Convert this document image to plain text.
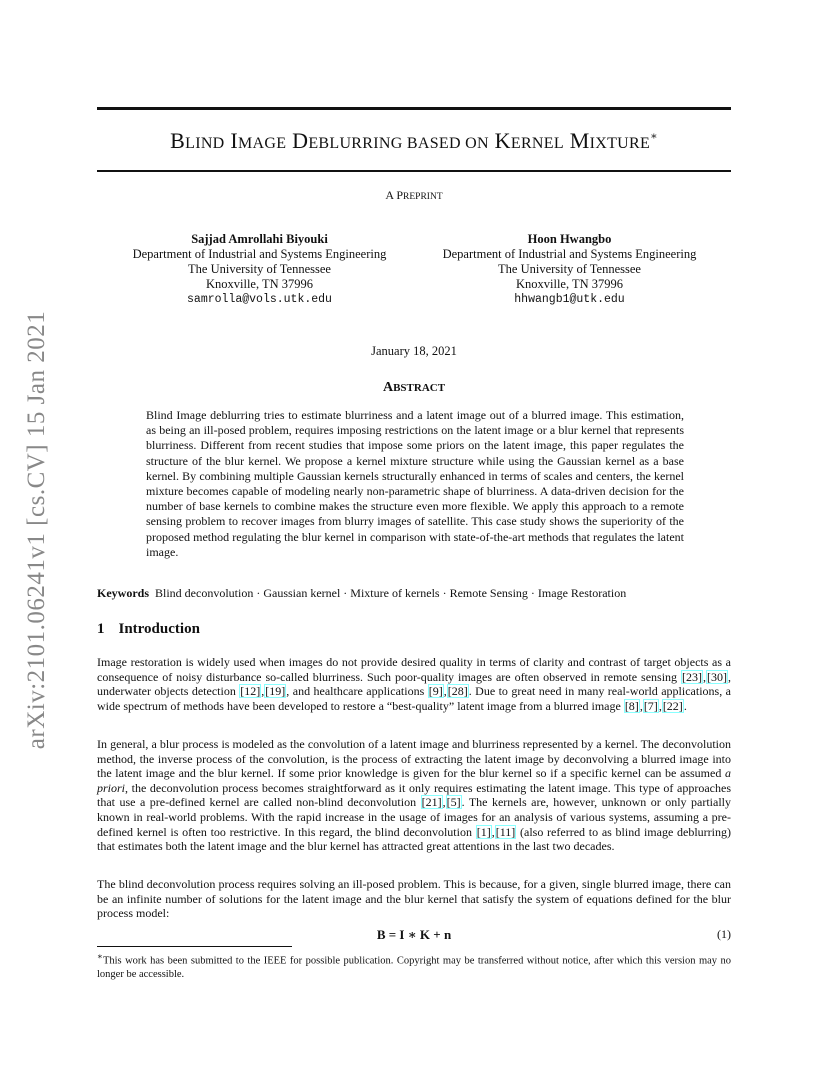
arXiv:2101.06241v1 [cs.CV] 15 Jan 2021
BLIND IMAGE DEBLURRING BASED ON KERNEL MIXTURE∗
A PREPRINT
Sajjad Amrollahi Biyouki
Department of Industrial and Systems Engineering
The University of Tennessee
Knoxville, TN 37996
samrolla@vols.utk.edu
Hoon Hwangbo
Department of Industrial and Systems Engineering
The University of Tennessee
Knoxville, TN 37996
hhwangb1@utk.edu
January 18, 2021
ABSTRACT
Blind Image deblurring tries to estimate blurriness and a latent image out of a blurred image. This estimation, as being an ill-posed problem, requires imposing restrictions on the latent image or a blur kernel that represents blurriness. Different from recent studies that impose some priors on the latent image, this paper regulates the structure of the blur kernel. We propose a kernel mixture structure while using the Gaussian kernel as a base kernel. By combining multiple Gaussian kernels structurally enhanced in terms of scales and centers, the kernel mixture becomes capable of modeling nearly non-parametric shape of blurriness. A data-driven decision for the number of base kernels to combine makes the structure even more flexible. We apply this approach to a remote sensing problem to recover images from blurry images of satellite. This case study shows the superiority of the proposed method regulating the blur kernel in comparison with state-of-the-art methods that regulates the latent image.
Keywords Blind deconvolution · Gaussian kernel · Mixture of kernels · Remote Sensing · Image Restoration
1 Introduction
Image restoration is widely used when images do not provide desired quality in terms of clarity and contrast of target objects as a consequence of noisy disturbance so-called blurriness. Such poor-quality images are often observed in remote sensing [23],[30], underwater objects detection [12],[19], and healthcare applications [9],[28]. Due to great need in many real-world applications, a wide spectrum of methods have been developed to restore a “best-quality” latent image from a blurred image [8],[7],[22].
In general, a blur process is modeled as the convolution of a latent image and blurriness represented by a kernel. The deconvolution method, the inverse process of the convolution, is the process of extracting the latent image by deconvolving a blurred image into the latent image and the blur kernel. If some prior knowledge is given for the blur kernel so if a specific kernel can be assumed a priori, the deconvolution process becomes straightforward as it only requires estimating the latent image. This type of approaches that use a pre-defined kernel are called non-blind deconvolution [21],[5]. The kernels are, however, unknown or only partially known in real-world problems. With the rapid increase in the usage of images for an analysis of various systems, assuming a pre-defined kernel is often too restrictive. In this regard, the blind deconvolution [1],[11] (also referred to as blind image deblurring) that estimates both the latent image and the blur kernel has attracted great attentions in the last two decades.
The blind deconvolution process requires solving an ill-posed problem. This is because, for a given, single blurred image, there can be an infinite number of solutions for the latent image and the blur kernel that satisfy the system of equations defined for the blur process model:
B = I ∗ K + n	(1)
∗This work has been submitted to the IEEE for possible publication. Copyright may be transferred without notice, after which this version may no longer be accessible.
